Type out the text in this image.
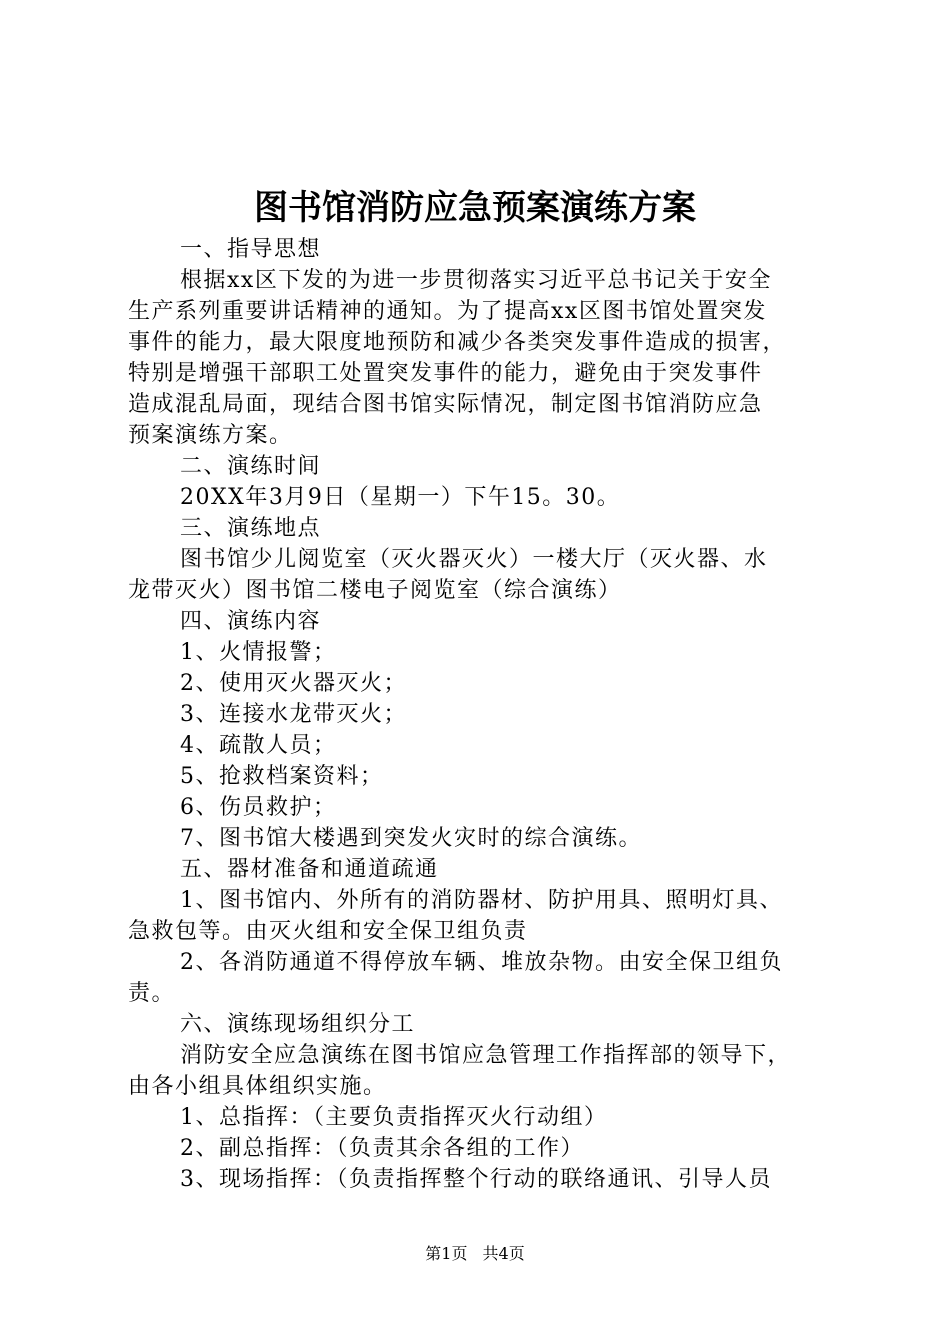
图书馆消防应急预案演练方案
一、指导思想
根据xx区下发的为进一步贯彻落实习近平总书记关于安全
生产系列重要讲话精神的通知。为了提高xx区图书馆处置突发
事件的能力，最大限度地预防和减少各类突发事件造成的损害，
特别是增强干部职工处置突发事件的能力，避免由于突发事件
造成混乱局面，现结合图书馆实际情况，制定图书馆消防应急
预案演练方案。
二、演练时间
20XX年3月9日（星期一）下午15。30。
三、演练地点
图书馆少儿阅览室（灭火器灭火）一楼大厅（灭火器、水
龙带灭火）图书馆二楼电子阅览室（综合演练）
四、演练内容
1、火情报警；
2、使用灭火器灭火；
3、连接水龙带灭火；
4、疏散人员；
5、抢救档案资料；
6、伤员救护；
7、图书馆大楼遇到突发火灾时的综合演练。
五、器材准备和通道疏通
1、图书馆内、外所有的消防器材、防护用具、照明灯具、
急救包等。由灭火组和安全保卫组负责
2、各消防通道不得停放车辆、堆放杂物。由安全保卫组负
责。
六、演练现场组织分工
消防安全应急演练在图书馆应急管理工作指挥部的领导下，
由各小组具体组织实施。
1、总指挥：（主要负责指挥灭火行动组）
2、副总指挥：（负责其余各组的工作）
3、现场指挥：（负责指挥整个行动的联络通讯、引导人员
第1页 共4页
